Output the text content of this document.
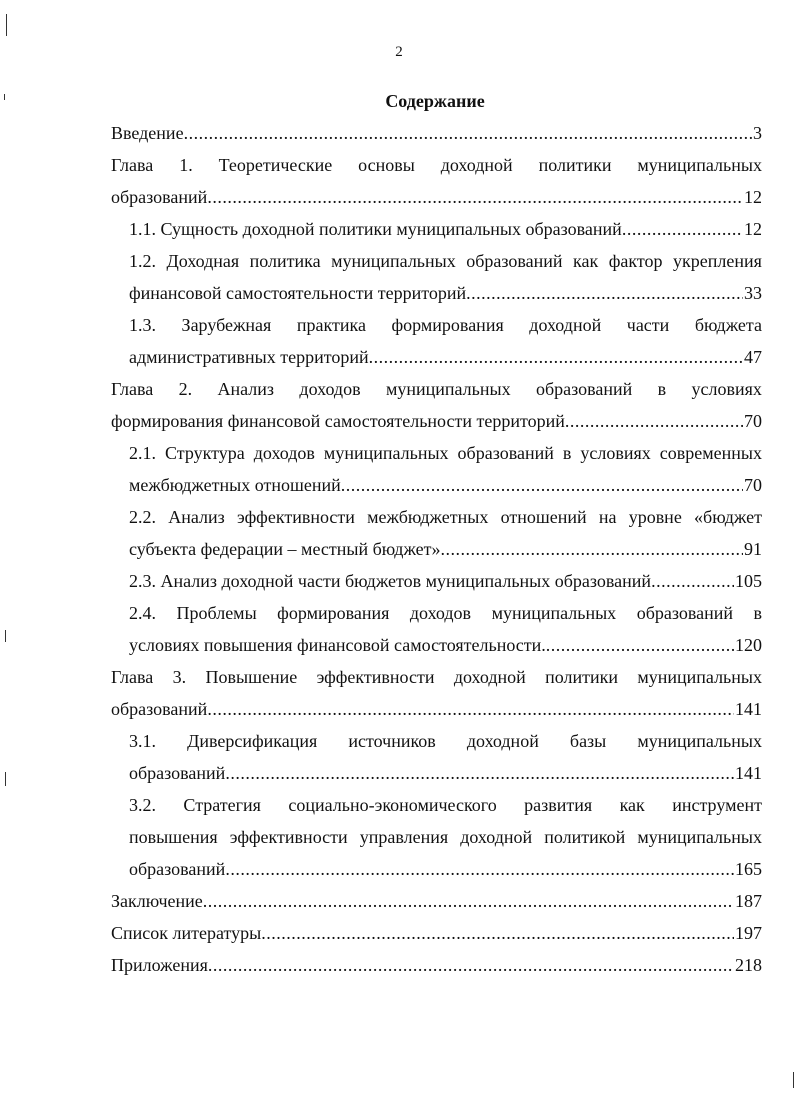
2
Содержание
Введение .....	3
Глава 1. Теоретические основы доходной политики муниципальных
образований .....	12
1.1. Сущность доходной политики муниципальных образований .....	12
1.2. Доходная политика муниципальных образований как фактор укрепления
финансовой самостоятельности территорий .....	33
1.3. Зарубежная практика формирования доходной части бюджета
административных территорий .....	47
Глава 2. Анализ доходов муниципальных образований в условиях
формирования финансовой самостоятельности территорий .....	70
2.1. Структура доходов муниципальных образований в условиях современных
межбюджетных отношений .....	70
2.2. Анализ эффективности межбюджетных отношений на уровне «бюджет
субъекта федерации – местный бюджет» .....	91
2.3. Анализ доходной части бюджетов муниципальных образований .....	105
2.4. Проблемы формирования доходов муниципальных образований в
условиях повышения финансовой самостоятельности. .....	120
Глава 3. Повышение эффективности доходной политики муниципальных
образований .....	141
3.1. Диверсификация источников доходной базы муниципальных
образований .....	141
3.2. Стратегия социально-экономического развития как инструмент
повышения эффективности управления доходной политикой муниципальных
образований .....	165
Заключение .....	187
Список литературы .....	197
Приложения .....	218
